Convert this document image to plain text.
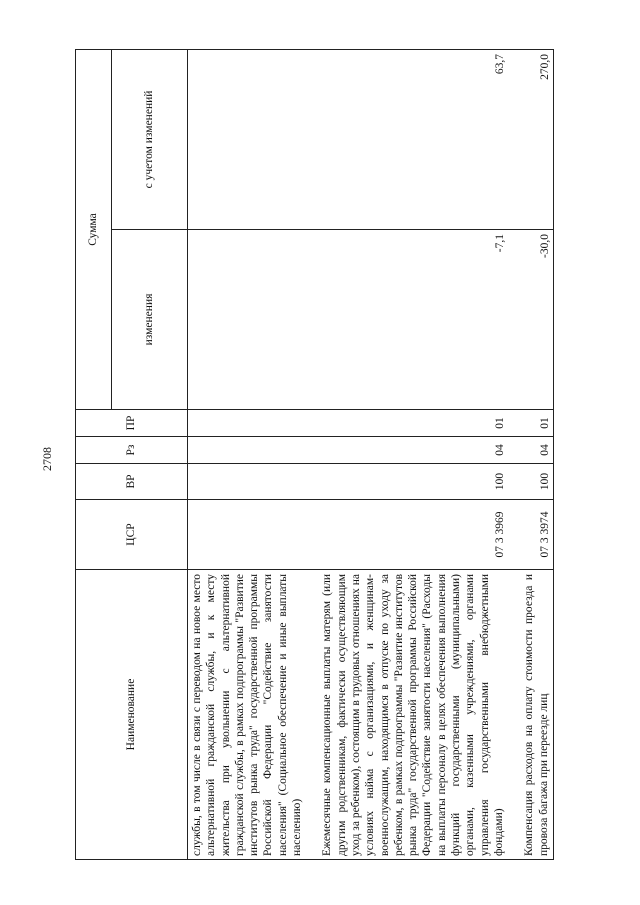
2708
Наименование	ЦСР	ВР	Рз	ПР	Сумма	
					изменения	с учетом изменений
службы, в том числе в связи с переводом на новое место альтернативной гражданской службы, и к месту жительства при увольнении с альтернативной гражданской службы, в рамках подпрограммы "Развитие институтов рынка труда" государственной программы Российской Федерации "Содействие занятости населения" (Социальное обеспечение и иные выплаты населению)						
Ежемесячные компенсационные выплаты матерям (или другим родственникам, фактически осуществляющим уход за ребенком), состоящим в трудовых отношениях на условиях найма с организациями, и женщинам-военнослужащим, находящимся в отпуске по уходу за ребенком, в рамках подпрограммы "Развитие институтов рынка труда" государственной программы Российской Федерации "Содействие занятости населения" (Расходы на выплаты персоналу в целях обеспечения выполнения функций государственными (муниципальными) органами, казенными учреждениями, органами управления государственными внебюджетными фондами)	07 3 3969	100	04	01	-7,1	63,7
Компенсация расходов на оплату стоимости проезда и провоза багажа при переезде лиц	07 3 3974	100	04	01	-30,0	270,0
